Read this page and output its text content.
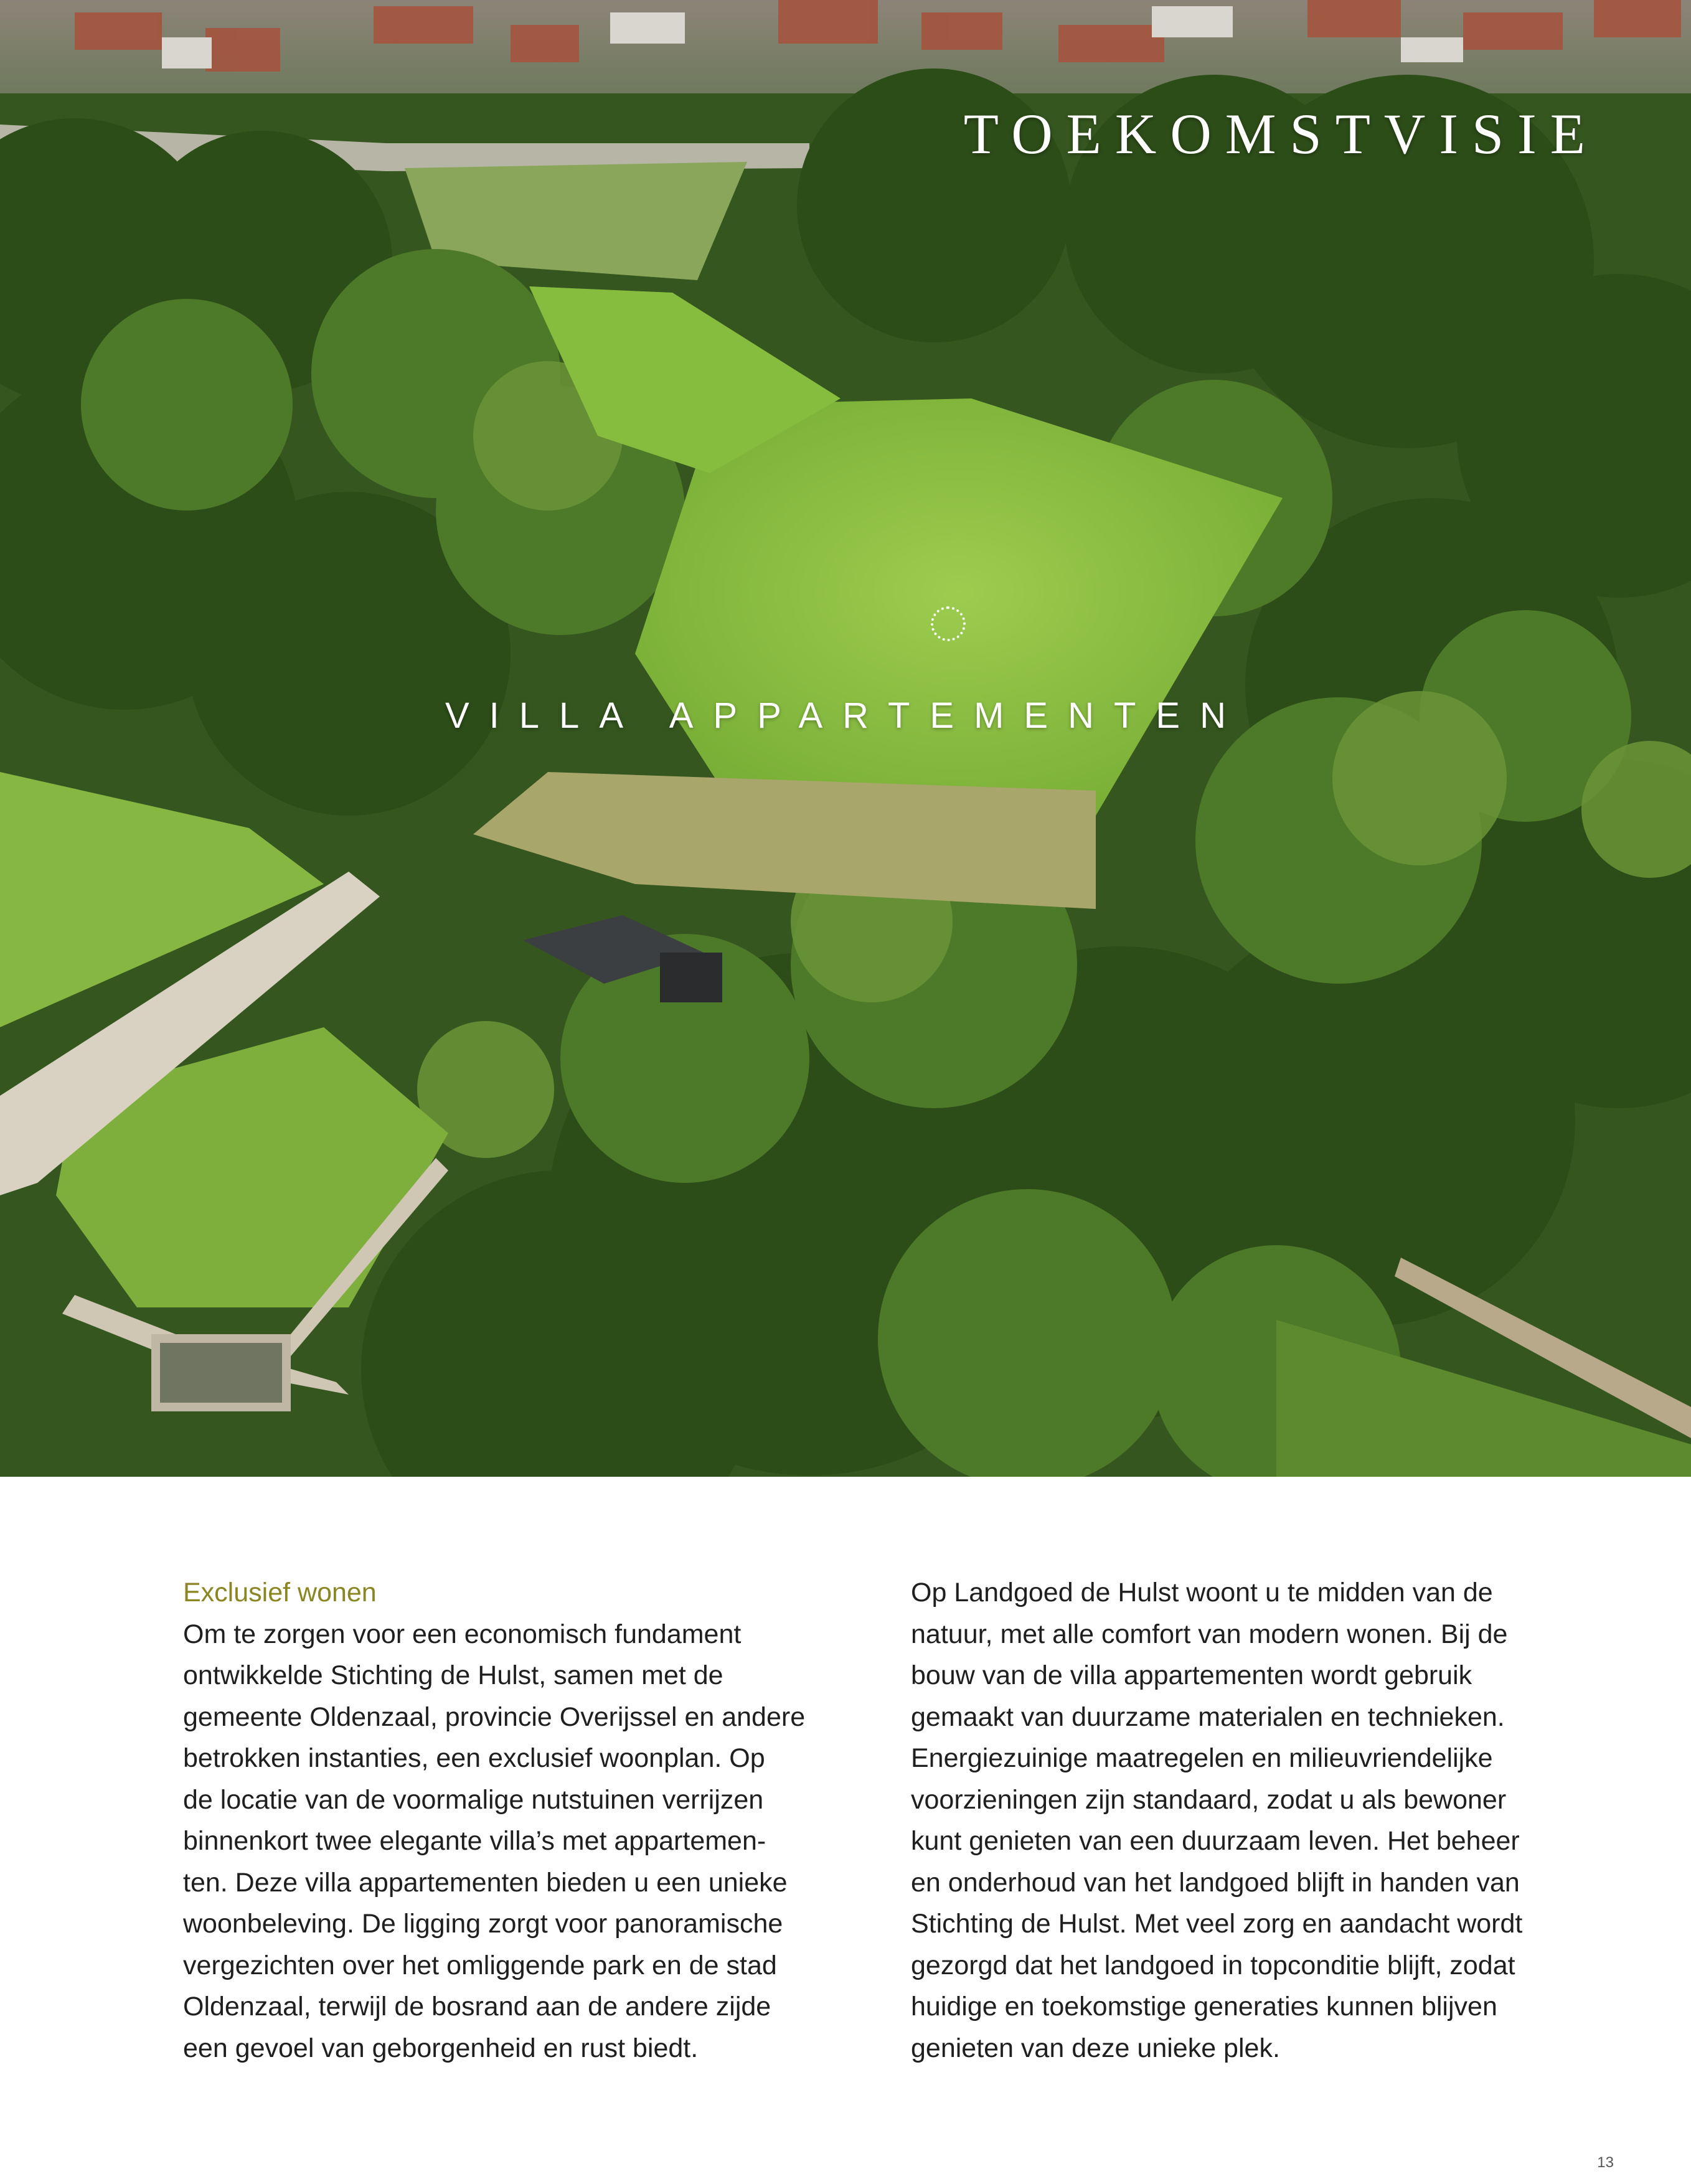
TOEKOMSTVISIE
VILLA APPARTEMENTEN
Exclusief wonen
Om te zorgen voor een economisch fundament
ontwikkelde Stichting de Hulst, samen met de
gemeente Oldenzaal, provincie Overijssel en andere
betrokken instanties, een exclusief woonplan. Op
de locatie van de voormalige nutstuinen verrijzen
binnenkort twee elegante villa’s met appartemen-
ten. Deze villa appartementen bieden u een unieke
woonbeleving. De ligging zorgt voor panoramische
vergezichten over het omliggende park en de stad
Oldenzaal, terwijl de bosrand aan de andere zijde
een gevoel van geborgenheid en rust biedt.
Op Landgoed de Hulst woont u te midden van de
natuur, met alle comfort van modern wonen. Bij de
bouw van de villa appartementen wordt gebruik
gemaakt van duurzame materialen en technieken.
Energiezuinige maatregelen en milieuvriendelijke
voorzieningen zijn standaard, zodat u als bewoner
kunt genieten van een duurzaam leven. Het beheer
en onderhoud van het landgoed blijft in handen van
Stichting de Hulst. Met veel zorg en aandacht wordt
gezorgd dat het landgoed in topconditie blijft, zodat
huidige en toekomstige generaties kunnen blijven
genieten van deze unieke plek.
13
